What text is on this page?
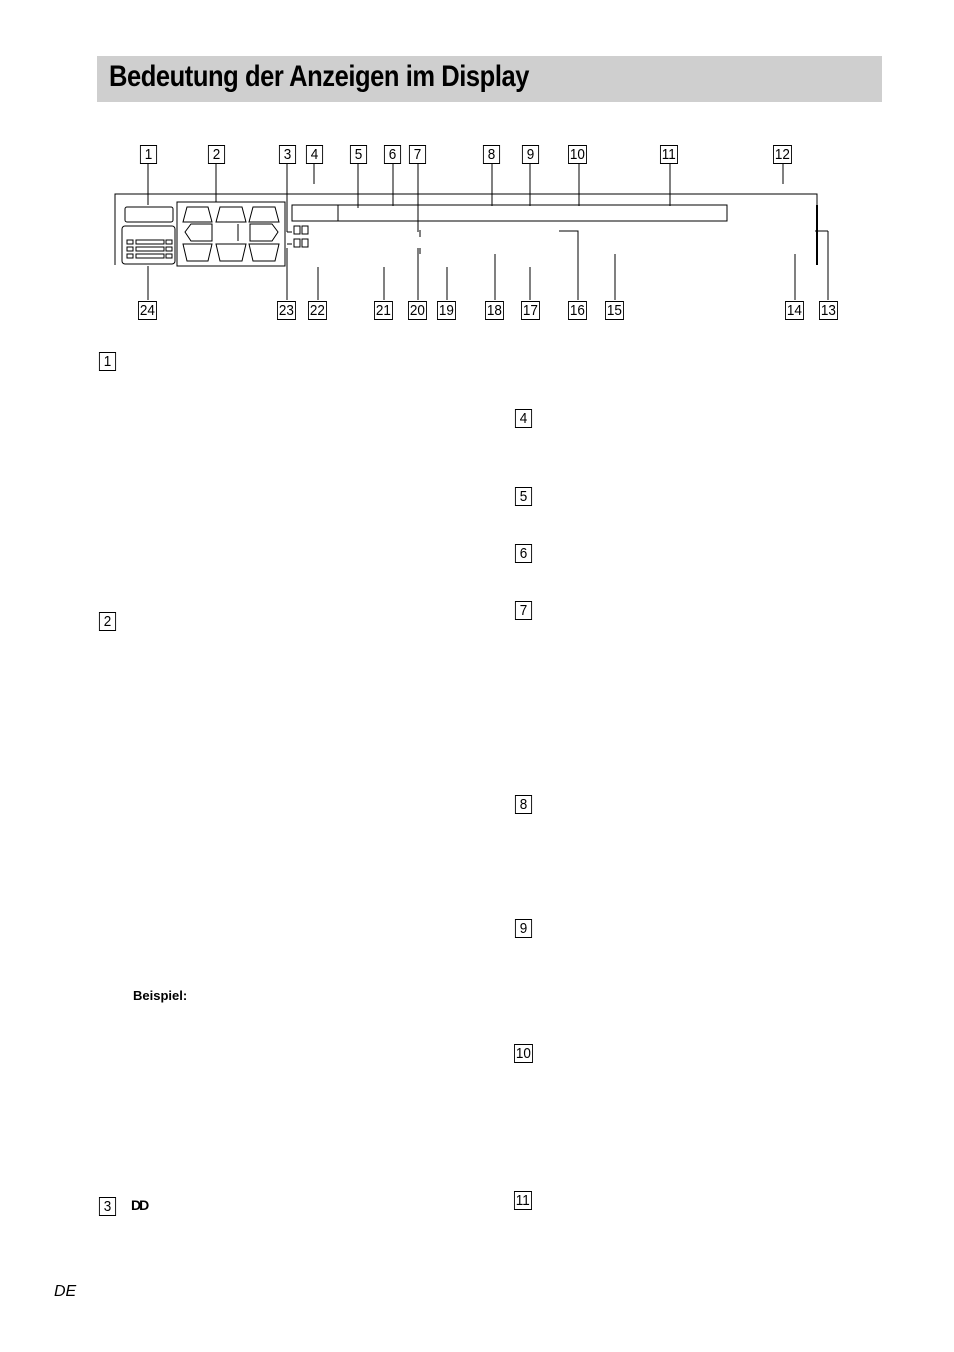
Bedeutung der Anzeigen im Display
1	2	3	4	5	6	7	8	9	10	11	12
24	23 22	21 20 19 18 17 16 15	14 13
1
2
3	DD
Beispiel:
4
5
6
7
8
9
10
11
DE
